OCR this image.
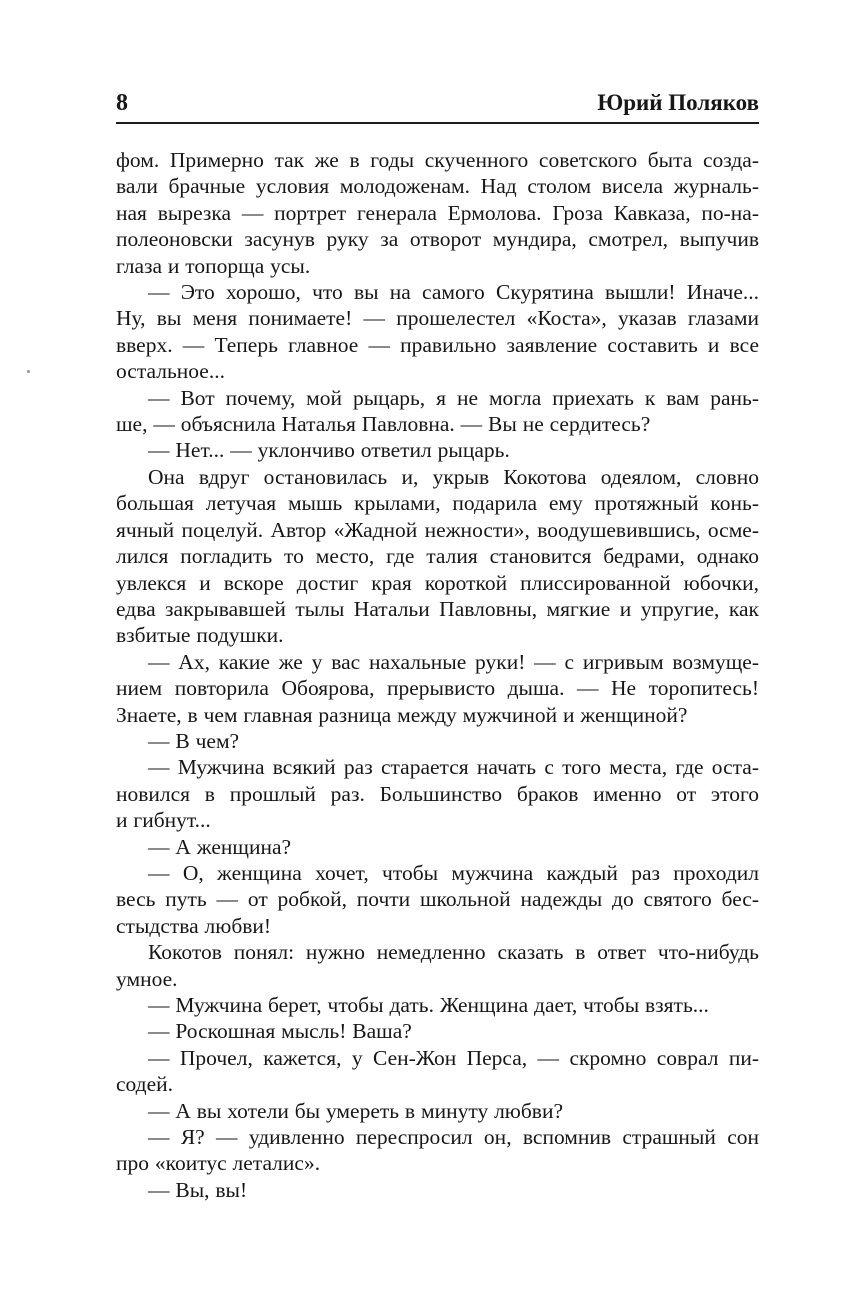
8	Юрий Поляков
фом. Примерно так же в годы скученного советского быта созда-
вали брачные условия молодоженам. Над столом висела журналь-
ная вырезка — портрет генерала Ермолова. Гроза Кавказа, по-на-
полеоновски засунув руку за отворот мундира, смотрел, выпучив
глаза и топорща усы.
— Это хорошо, что вы на самого Скурятина вышли! Иначе...
Ну, вы меня понимаете! — прошелестел «Коста», указав глазами
вверх. — Теперь главное — правильно заявление составить и все
остальное...
— Вот почему, мой рыцарь, я не могла приехать к вам рань-
ше, — объяснила Наталья Павловна. — Вы не сердитесь?
— Нет... — уклончиво ответил рыцарь.
Она вдруг остановилась и, укрыв Кокотова одеялом, словно
большая летучая мышь крылами, подарила ему протяжный конь-
ячный поцелуй. Автор «Жадной нежности», воодушевившись, осме-
лился погладить то место, где талия становится бедрами, однако
увлекся и вскоре достиг края короткой плиссированной юбочки,
едва закрывавшей тылы Натальи Павловны, мягкие и упругие, как
взбитые подушки.
— Ах, какие же у вас нахальные руки! — с игривым возмуще-
нием повторила Обоярова, прерывисто дыша. — Не торопитесь!
Знаете, в чем главная разница между мужчиной и женщиной?
— В чем?
— Мужчина всякий раз старается начать с того места, где оста-
новился в прошлый раз. Большинство браков именно от этого
и гибнут...
— А женщина?
— О, женщина хочет, чтобы мужчина каждый раз проходил
весь путь — от робкой, почти школьной надежды до святого бес-
стыдства любви!
Кокотов понял: нужно немедленно сказать в ответ что-нибудь
умное.
— Мужчина берет, чтобы дать. Женщина дает, чтобы взять...
— Роскошная мысль! Ваша?
— Прочел, кажется, у Сен-Жон Перса, — скромно соврал пи-
содей.
— А вы хотели бы умереть в минуту любви?
— Я? — удивленно переспросил он, вспомнив страшный сон
про «коитус леталис».
— Вы, вы!
